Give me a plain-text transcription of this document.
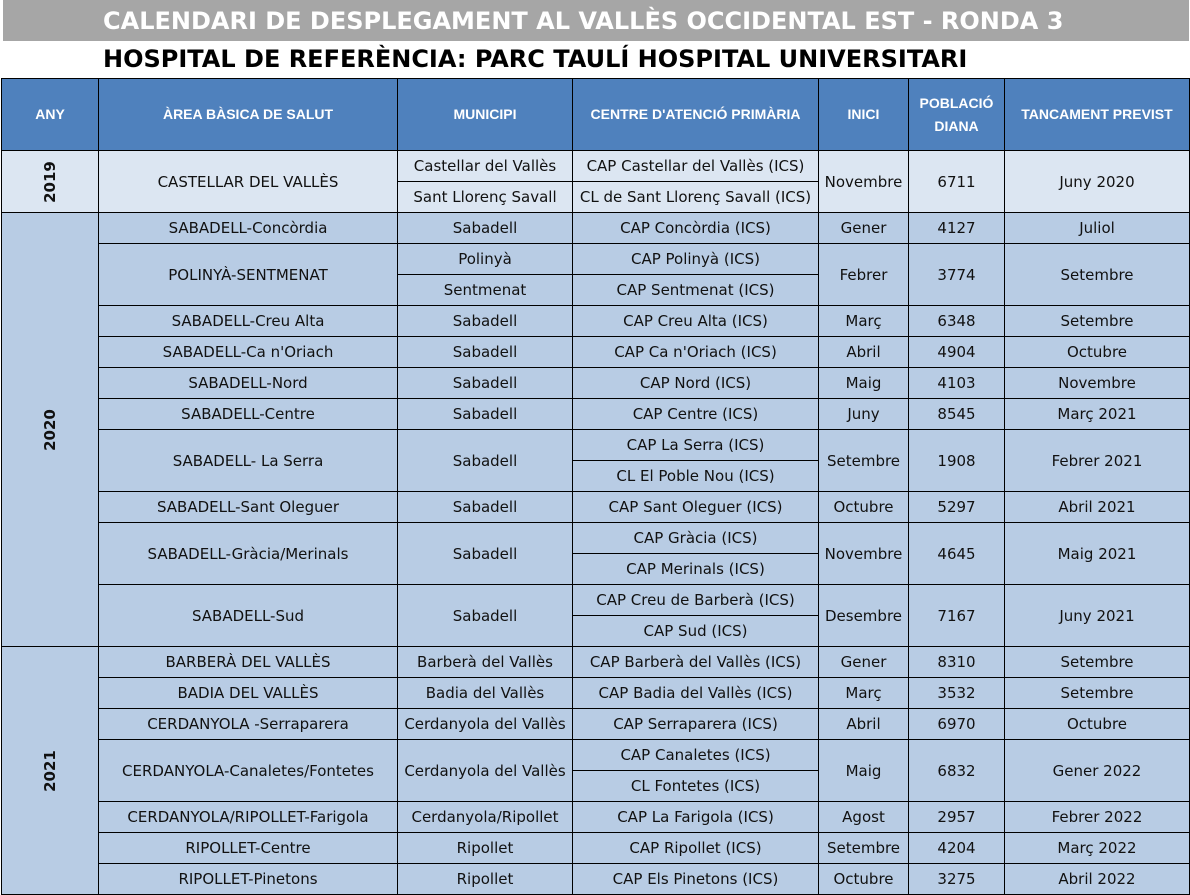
CALENDARI DE DESPLEGAMENT AL VALLÈS OCCIDENTAL EST - RONDA 3
HOSPITAL DE REFERÈNCIA: PARC TAULÍ HOSPITAL UNIVERSITARI
ANY	ÀREA BÀSICA DE SALUT	MUNICIPI	CENTRE D'ATENCIÓ PRIMÀRIA	INICI	POBLACIÓ DIANA	TANCAMENT PREVIST
2019	CASTELLAR DEL VALLÈS	Castellar del Vallès	CAP Castellar del Vallès (ICS)	Novembre	6711	Juny 2020
		Sant Llorenç Savall	CL de Sant Llorenç Savall (ICS)			
2020	SABADELL-Concòrdia	Sabadell	CAP Concòrdia (ICS)	Gener	4127	Juliol
	POLINYÀ-SENTMENAT	Polinyà	CAP Polinyà (ICS)	Febrer	3774	Setembre
		Sentmenat	CAP Sentmenat (ICS)			
	SABADELL-Creu Alta	Sabadell	CAP Creu Alta (ICS)	Març	6348	Setembre
	SABADELL-Ca n'Oriach	Sabadell	CAP Ca n'Oriach (ICS)	Abril	4904	Octubre
	SABADELL-Nord	Sabadell	CAP Nord (ICS)	Maig	4103	Novembre
	SABADELL-Centre	Sabadell	CAP Centre (ICS)	Juny	8545	Març 2021
	SABADELL- La Serra	Sabadell	CAP La Serra (ICS)	Setembre	1908	Febrer 2021
			CL El Poble Nou (ICS)			
	SABADELL-Sant Oleguer	Sabadell	CAP Sant Oleguer (ICS)	Octubre	5297	Abril 2021
	SABADELL-Gràcia/Merinals	Sabadell	CAP Gràcia (ICS)	Novembre	4645	Maig 2021
			CAP Merinals (ICS)			
	SABADELL-Sud	Sabadell	CAP Creu de Barberà (ICS)	Desembre	7167	Juny 2021
			CAP Sud (ICS)			
2021	BARBERÀ DEL VALLÈS	Barberà del Vallès	CAP Barberà del Vallès (ICS)	Gener	8310	Setembre
	BADIA DEL VALLÈS	Badia del Vallès	CAP Badia del Vallès (ICS)	Març	3532	Setembre
	CERDANYOLA -Serraparera	Cerdanyola del Vallès	CAP Serraparera (ICS)	Abril	6970	Octubre
	CERDANYOLA-Canaletes/Fontetes	Cerdanyola del Vallès	CAP Canaletes (ICS)	Maig	6832	Gener 2022
			CL Fontetes (ICS)			
	CERDANYOLA/RIPOLLET-Farigola	Cerdanyola/Ripollet	CAP La Farigola (ICS)	Agost	2957	Febrer 2022
	RIPOLLET-Centre	Ripollet	CAP Ripollet (ICS)	Setembre	4204	Març 2022
	RIPOLLET-Pinetons	Ripollet	CAP Els Pinetons (ICS)	Octubre	3275	Abril 2022
